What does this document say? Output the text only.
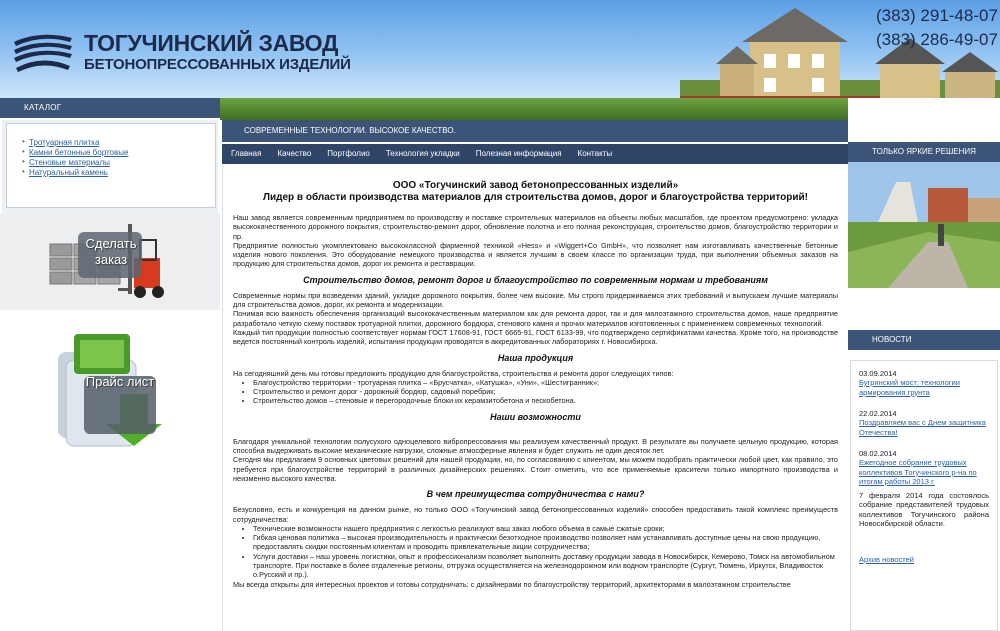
ТОГУЧИНСКИЙ ЗАВОД
БЕТОНОПРЕССОВАННЫХ ИЗДЕЛИЙ
(383) 291-48-07
(383) 286-49-07
КАТАЛОГ
• Тротуарная плитка
• Камни бетонные бортовые
• Стеновые материалы
• Натуральный камень
Сделать заказ
Прайс лист
СОВРЕМЕННЫЕ ТЕХНОЛОГИИ. ВЫСОКОЕ КАЧЕСТВО.
Главная	Качество	Портфолио	Технология укладки	Полезная информация	Контакты
ООО «Тогучинский завод бетонопрессованных изделий»
Лидер в области производства материалов для строительства домов, дорог и благоустройства территорий!

Наш завод является современным предприятием по производству и поставке строительных материалов на объекты любых масштабов, где проектом предусмотрено: укладка высококачественного дорожного покрытия, строительство-ремонт дорог, обновление полотна и его полная реконструкция, строительство домов, благоустройство территории и пр.

Предприятие полностью укомплектовано высококлассной фирменной техникой «Hess» и «Wiggert+Co GmbH», что позволяет нам изготавливать качественные бетонные изделия нового поколения. Это оборудование немецкого производства и является лучшим в своем классе по организации труда, при выполнении объемных заказов на продукцию для строительства домов, дорог их ремонта и реставрации.

Строительство домов, ремонт дорог и благоустройство по современным нормам и требованиям

Современные нормы при возведении зданий, укладке дорожного покрытия, более чем высокие. Мы строго придерживаемся этих требований и выпускаем лучшие материалы для строительства домов, дорог, их ремонта и модернизации.

Понимая всю важность обеспечения организаций высококачественным материалом как для ремонта дорог, так и для малоэтажного строительства домов, наше предприятие разработало четкую схему поставок тротуарной плитки, дорожного бордюра, стенового камня и прочих материалов изготовленных с применением современных технологий.

Каждый тип продукции полностью соответствует нормам ГОСТ 17608-91, ГОСТ 6665-91, ГОСТ 6133-99, что подтверждено сертификатами качества. Кроме того, на производстве ведется постоянный контроль изделий, испытания продукции проводятся в аккредитованных лабораториях г. Новосибирска.

Наша продукция

На сегодняшний день мы готовы предложить продукцию для благоустройства, строительства и ремонта дорог следующих типов:

• Благоустройство территории - тротуарная плитка – «Брусчатка», «Катушка», «Уни», «Шестигранник»;
• Строительство и ремонт дорог - дорожный бордюр, садовый поребрик;
• Строительство домов – стеновые и перегородочные блоки их керамзитобетона и пескобетона.
Наши возможности

Благодаря уникальной технологии полусухого одноцелевого вибропрессования мы реализуем качественный продукт. В результате вы получаете цельную продукцию, которая способна выдерживать высокие механические нагрузки, сложные атмосферные явления и будет служить не один десяток лет.

Сегодня мы предлагаем 9 основных цветовых решений для нашей продукции, но, по согласованию с клиентом, мы можем подобрать практически любой цвет, как правило, это требуется при благоустройстве территорий в различных дизайнерских решениях. Стоит отметить, что все применяемые красители только импортного производства и неизменно высокого качества.

В чем преимущества сотрудничества с нами?

Безусловно, есть и конкуренция на данном рынке, но только ООО «Тогучинский завод бетонопрессованных изделий» способен предоставить такой комплекс преимуществ сотрудничества:

• Технические возможности нашего предприятия с легкостью реализуют ваш заказ любого объема в самые сжатые сроки;
• Гибкая ценовая политика – высокая производительность и практически безотходное производство позволяет нам устанавливать доступные цены на свою продукцию, предоставлять скидки постоянным клиентам и проводить привлекательные акции сотрудничества;
• Услуги доставки – наш уровень логистики, опыт и профессионализм позволяет выполнить доставку продукции завода в Новосибирск, Кемерово, Томск на автомобильном транспорте. При поставке в более отдаленные регионы, отгрузка осуществляется на железнодорожном или водном транспорте (Сургут, Тюмень, Иркутск, Владивосток о.Русский и пр.).

Мы всегда открыты для интересных проектов и готовы сотрудничать: с дизайнерами по благоустройству территорий, архитекторами в малоэтажном строительстве

ТОЛЬКО ЯРКИЕ РЕШЕНИЯ
НОВОСТИ
03.09.2014
Бугринский мост: технологии армирования грунта
22.02.2014
Поздравляем вас с Днем защитника Отечества!
08.02.2014
Ежегодное собрание трудовых коллективов Тогучинского р-на по итогам работы 2013 г.
7 февраля 2014 года состоялось собрание представителей трудовых коллективов Тогучинского района Новосибирской области.
Архив новостей
